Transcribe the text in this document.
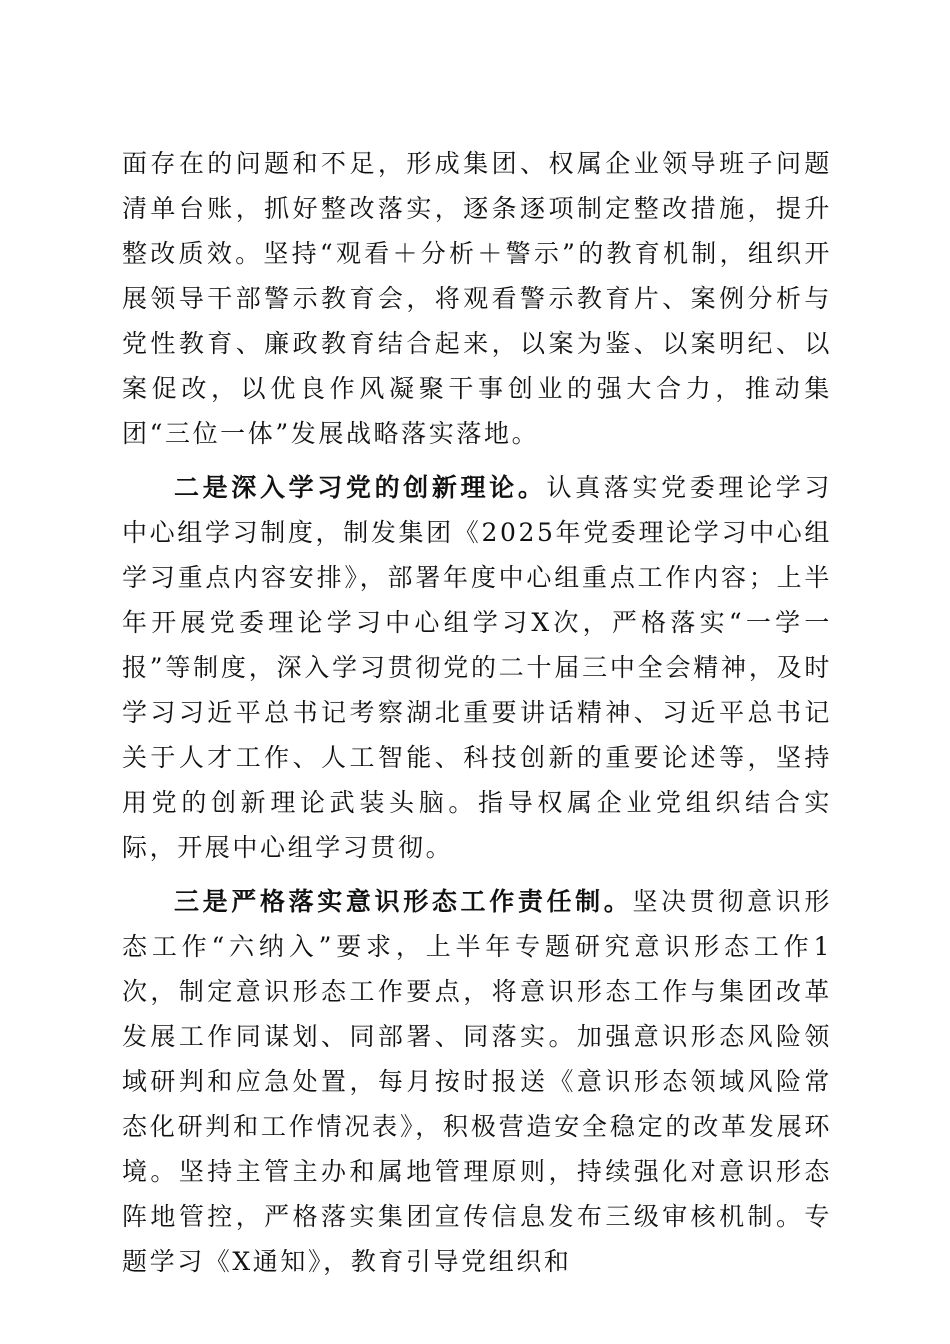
面存在的问题和不足，形成集团、权属企业领导班子问题清单台账，抓好整改落实，逐条逐项制定整改措施，提升整改质效。坚持“观看＋分析＋警示”的教育机制，组织开展领导干部警示教育会，将观看警示教育片、案例分析与党性教育、廉政教育结合起来，以案为鉴、以案明纪、以案促改，以优良作风凝聚干事创业的强大合力，推动集团“三位一体”发展战略落实落地。

二是深入学习党的创新理论。认真落实党委理论学习中心组学习制度，制发集团《2025年党委理论学习中心组学习重点内容安排》，部署年度中心组重点工作内容；上半年开展党委理论学习中心组学习X次，严格落实“一学一报”等制度，深入学习贯彻党的二十届三中全会精神，及时学习习近平总书记考察湖北重要讲话精神、习近平总书记关于人才工作、人工智能、科技创新的重要论述等，坚持用党的创新理论武装头脑。指导权属企业党组织结合实际，开展中心组学习贯彻。

三是严格落实意识形态工作责任制。坚决贯彻意识形态工作“六纳入”要求，上半年专题研究意识形态工作1次，制定意识形态工作要点，将意识形态工作与集团改革发展工作同谋划、同部署、同落实。加强意识形态风险领域研判和应急处置，每月按时报送《意识形态领域风险常态化研判和工作情况表》，积极营造安全稳定的改革发展环境。坚持主管主办和属地管理原则，持续强化对意识形态阵地管控，严格落实集团宣传信息发布三级审核机制。专题学习《X通知》，教育引导党组织和
